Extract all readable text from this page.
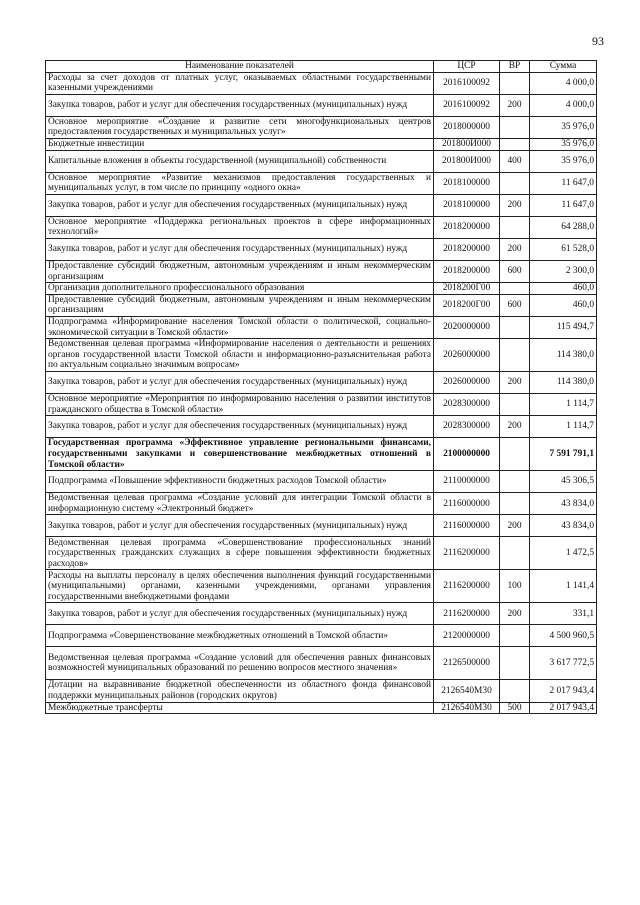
93
Наименование показателей	ЦСР	ВР	Сумма
Расходы за счет доходов от платных услуг, оказываемых областными государственными казенными учреждениями	2016100092		4 000,0
Закупка товаров, работ и услуг для обеспечения государственных (муниципальных) нужд	2016100092	200	4 000,0
Основное мероприятие «Создание и развитие сети многофункциональных центров предоставления государственных и муниципальных услуг»	2018000000		35 976,0
Бюджетные инвестиции	201800И000		35 976,0
Капитальные вложения в объекты государственной (муниципальной) собственности	201800И000	400	35 976,0
Основное мероприятие «Развитие механизмов предоставления государственных и муниципальных услуг, в том числе по принципу «одного окна»	2018100000		11 647,0
Закупка товаров, работ и услуг для обеспечения государственных (муниципальных) нужд	2018100000	200	11 647,0
Основное мероприятие «Поддержка региональных проектов в сфере информационных технологий»	2018200000		64 288,0
Закупка товаров, работ и услуг для обеспечения государственных (муниципальных) нужд	2018200000	200	61 528,0
Предоставление субсидий бюджетным, автономным учреждениям и иным некоммерческим организациям	2018200000	600	2 300,0
Организация дополнительного профессионального образования	2018200Г00		460,0
Предоставление субсидий бюджетным, автономным учреждениям и иным некоммерческим организациям	2018200Г00	600	460,0
Подпрограмма «Информирование населения Томской области о политической, социально-экономической ситуации в Томской области»	2020000000		115 494,7
Ведомственная целевая программа «Информирование населения о деятельности и решениях органов государственной власти Томской области и информационно-разъяснительная работа по актуальным социально значимым вопросам»	2026000000		114 380,0
Закупка товаров, работ и услуг для обеспечения государственных (муниципальных) нужд	2026000000	200	114 380,0
Основное мероприятие «Мероприятия по информированию населения о развитии институтов гражданского общества в Томской области»	2028300000		1 114,7
Закупка товаров, работ и услуг для обеспечения государственных (муниципальных) нужд	2028300000	200	1 114,7
Государственная программа «Эффективное управление региональными финансами, государственными закупками и совершенствование межбюджетных отношений в Томской области»	2100000000		7 591 791,1
Подпрограмма «Повышение эффективности бюджетных расходов Томской области»	2110000000		45 306,5
Ведомственная целевая программа «Создание условий для интеграции Томской области в информационную систему «Электронный бюджет»	2116000000		43 834,0
Закупка товаров, работ и услуг для обеспечения государственных (муниципальных) нужд	2116000000	200	43 834,0
Ведомственная целевая программа «Совершенствование профессиональных знаний государственных гражданских служащих в сфере повышения эффективности бюджетных расходов»	2116200000		1 472,5
Расходы на выплаты персоналу в целях обеспечения выполнения функций государственными (муниципальными) органами, казенными учреждениями, органами управления государственными внебюджетными фондами	2116200000	100	1 141,4
Закупка товаров, работ и услуг для обеспечения государственных (муниципальных) нужд	2116200000	200	331,1
Подпрограмма «Совершенствование межбюджетных отношений в Томской области»	2120000000		4 500 960,5
Ведомственная целевая программа «Создание условий для обеспечения равных финансовых возможностей муниципальных образований по решению вопросов местного значения»	2126500000		3 617 772,5
Дотации на выравнивание бюджетной обеспеченности из областного фонда финансовой поддержки муниципальных районов (городских округов)	2126540М30		2 017 943,4
Межбюджетные трансферты	2126540М30	500	2 017 943,4
